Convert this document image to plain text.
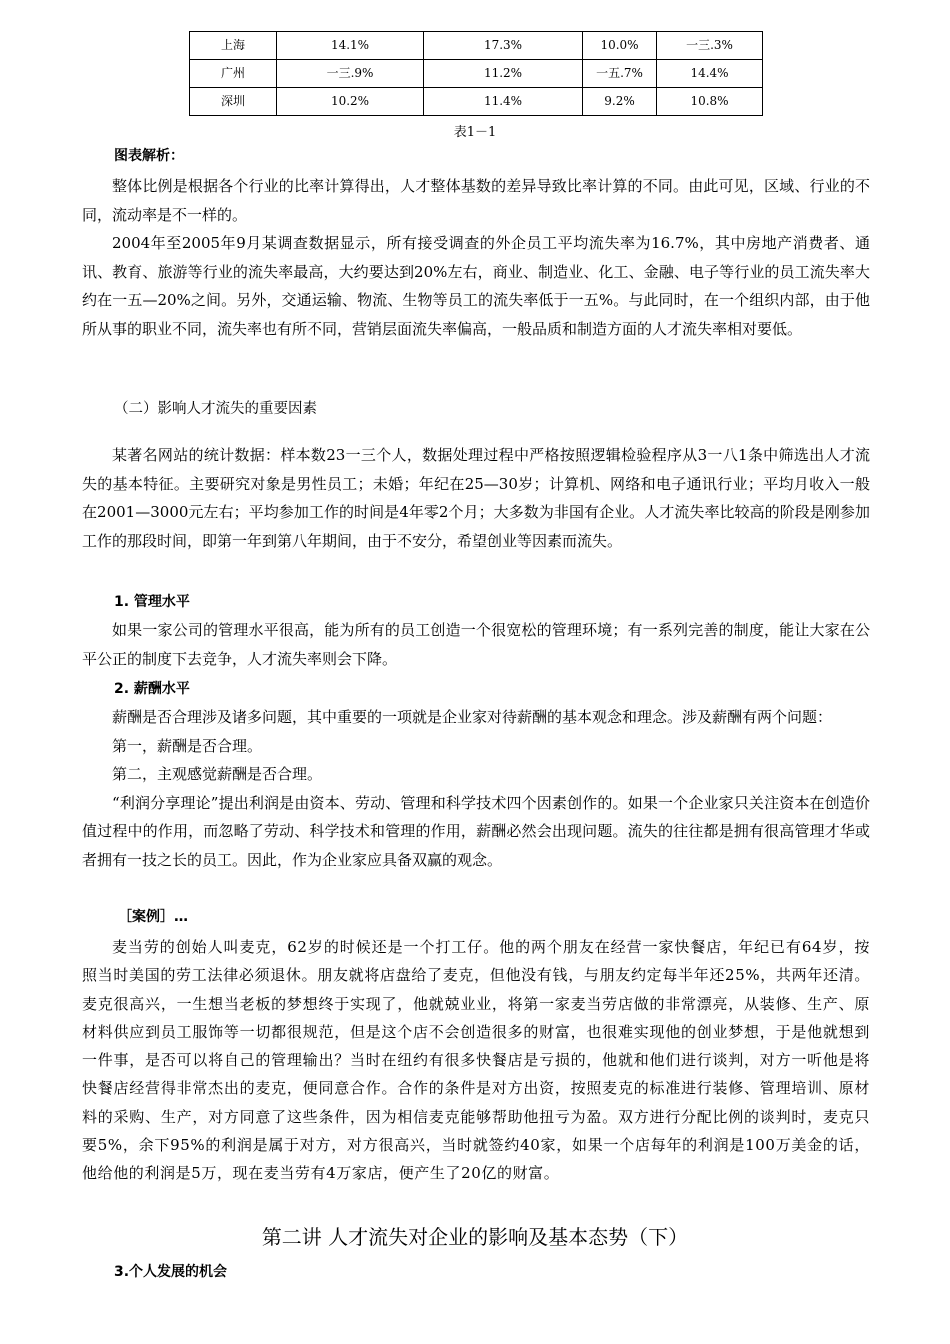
上海	14.1%	17.3%	10.0%	一三.3%
广州	一三.9%	11.2%	一五.7%	14.4%
深圳	10.2%	11.4%	9.2%	10.8%
表1－1
图表解析：

整体比例是根据各个行业的比率计算得出，人才整体基数的差异导致比率计算的不同。由此可见，区域、行业的不同，流动率是不一样的。

2004年至2005年9月某调查数据显示，所有接受调查的外企员工平均流失率为16.7%，其中房地产消费者、通讯、教育、旅游等行业的流失率最高，大约要达到20%左右，商业、制造业、化工、金融、电子等行业的员工流失率大约在一五—20%之间。另外，交通运输、物流、生物等员工的流失率低于一五%。与此同时，在一个组织内部，由于他所从事的职业不同，流失率也有所不同，营销层面流失率偏高，一般品质和制造方面的人才流失率相对要低。

（二）影响人才流失的重要因素

某著名网站的统计数据：样本数23一三个人，数据处理过程中严格按照逻辑检验程序从3一八1条中筛选出人才流失的基本特征。主要研究对象是男性员工；未婚；年纪在25—30岁；计算机、网络和电子通讯行业；平均月收入一般在2001—3000元左右；平均参加工作的时间是4年零2个月；大多数为非国有企业。人才流失率比较高的阶段是刚参加工作的那段时间，即第一年到第八年期间，由于不安分，希望创业等因素而流失。

1. 管理水平

如果一家公司的管理水平很高，能为所有的员工创造一个很宽松的管理环境；有一系列完善的制度，能让大家在公平公正的制度下去竞争，人才流失率则会下降。

2. 薪酬水平

薪酬是否合理涉及诸多问题，其中重要的一项就是企业家对待薪酬的基本观念和理念。涉及薪酬有两个问题：

第一，薪酬是否合理。

第二，主观感觉薪酬是否合理。

“利润分享理论”提出利润是由资本、劳动、管理和科学技术四个因素创作的。如果一个企业家只关注资本在创造价值过程中的作用，而忽略了劳动、科学技术和管理的作用，薪酬必然会出现问题。流失的往往都是拥有很高管理才华或者拥有一技之长的员工。因此，作为企业家应具备双赢的观念。

［案例］…

麦当劳的创始人叫麦克，62岁的时候还是一个打工仔。他的两个朋友在经营一家快餐店，年纪已有64岁，按照当时美国的劳工法律必须退休。朋友就将店盘给了麦克，但他没有钱，与朋友约定每半年还25%，共两年还清。麦克很高兴，一生想当老板的梦想终于实现了，他就兢业业，将第一家麦当劳店做的非常漂亮，从装修、生产、原材料供应到员工服饰等一切都很规范，但是这个店不会创造很多的财富，也很难实现他的创业梦想，于是他就想到一件事，是否可以将自己的管理输出？当时在纽约有很多快餐店是亏损的，他就和他们进行谈判，对方一听他是将快餐店经营得非常杰出的麦克，便同意合作。合作的条件是对方出资，按照麦克的标准进行装修、管理培训、原材料的采购、生产，对方同意了这些条件，因为相信麦克能够帮助他扭亏为盈。双方进行分配比例的谈判时，麦克只要5%，余下95%的利润是属于对方，对方很高兴，当时就签约40家，如果一个店每年的利润是100万美金的话，他给他的利润是5万，现在麦当劳有4万家店，便产生了20亿的财富。

第二讲 人才流失对企业的影响及基本态势（下）
3.个人发展的机会
